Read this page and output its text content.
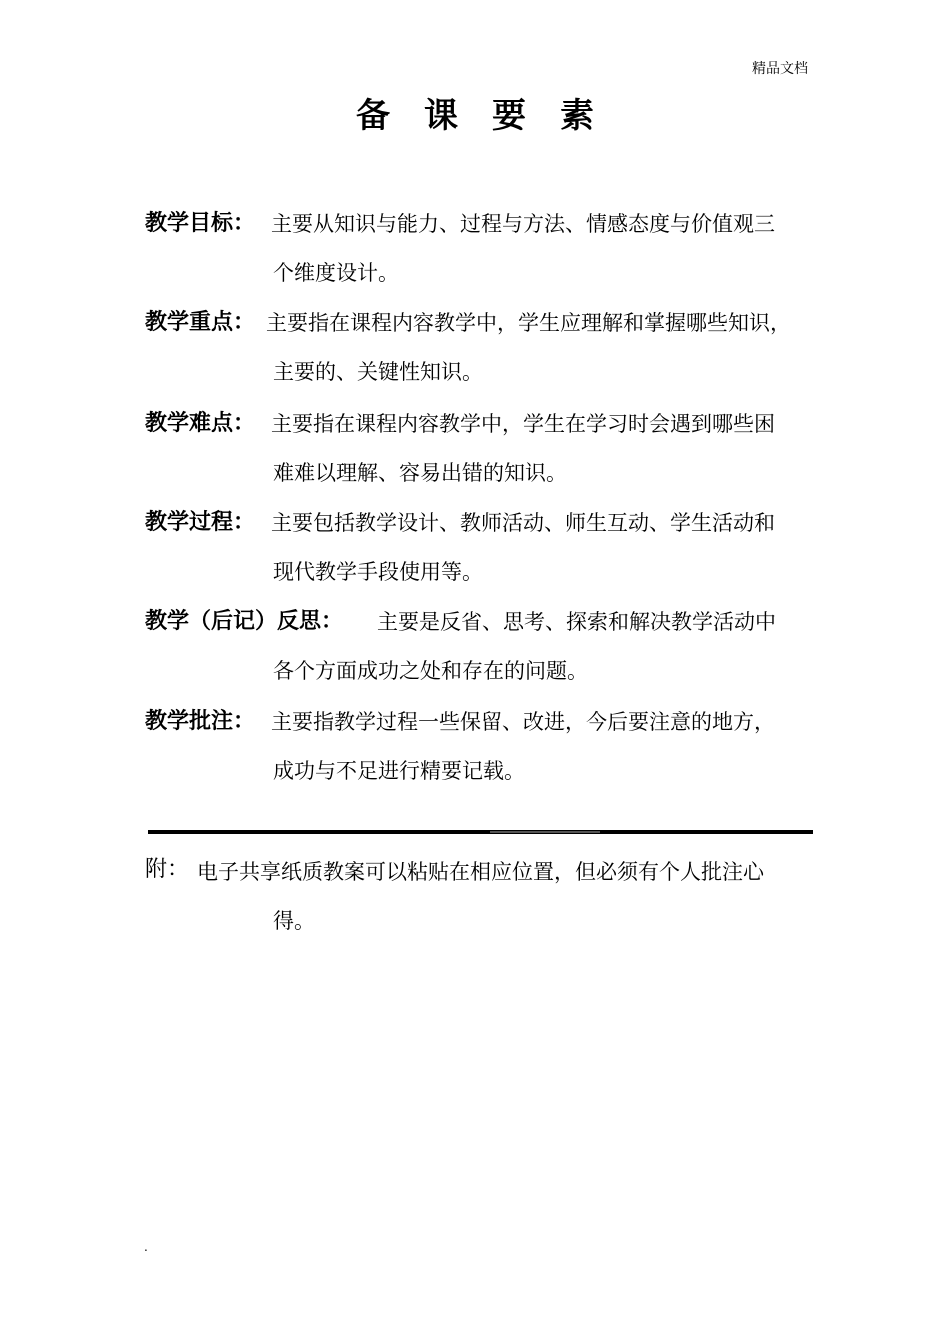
精品文档
备课要素
教学目标： 主要从知识与能力、过程与方法、情感态度与价值观三
个维度设计。
教学重点： 主要指在课程内容教学中，学生应理解和掌握哪些知识，
主要的、关键性知识。
教学难点： 主要指在课程内容教学中，学生在学习时会遇到哪些困
难难以理解、容易出错的知识。
教学过程： 主要包括教学设计、教师活动、师生互动、学生活动和
现代教学手段使用等。
教学（后记）反思： 主要是反省、思考、探索和解决教学活动中
各个方面成功之处和存在的问题。
教学批注： 主要指教学过程一些保留、改进，今后要注意的地方，
成功与不足进行精要记载。
附： 电子共享纸质教案可以粘贴在相应位置，但必须有个人批注心
得。
.
